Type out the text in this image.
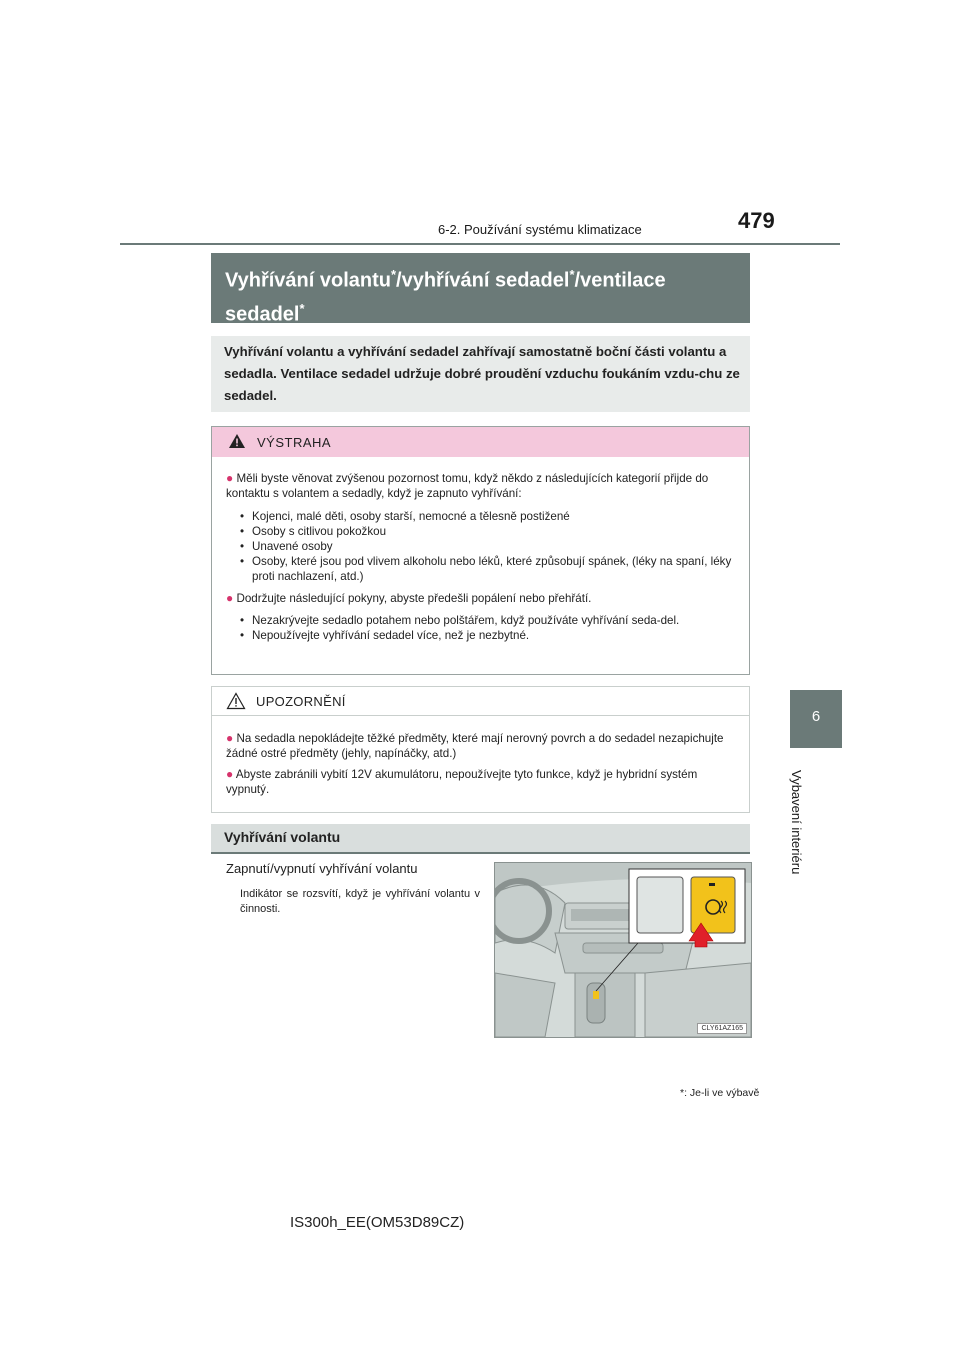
6-2. Používání systému klimatizace	479
6
Vybavení interiéru
Vyhřívání volantu*/vyhřívání sedadel*/ventilace
sedadel*
Vyhřívání volantu a vyhřívání sedadel zahřívají samostatně boční části volantu a sedadla. Ventilace sedadel udržuje dobré proudění vzduchu foukáním vzdu-chu ze sedadel.
VÝSTRAHA
● Měli byste věnovat zvýšenou pozornost tomu, když někdo z následujících kategorií přijde do kontaktu s volantem a sedadly, když je zapnuto vyhřívání:
• Kojenci, malé děti, osoby starší, nemocné a tělesně postižené
• Osoby s citlivou pokožkou
• Unavené osoby
• Osoby, které jsou pod vlivem alkoholu nebo léků, které způsobují spánek, (léky na spaní, léky proti nachlazení, atd.)
● Dodržujte následující pokyny, abyste předešli popálení nebo přehřátí.
• Nezakrývejte sedadlo potahem nebo polštářem, když používáte vyhřívání seda-del.
• Nepoužívejte vyhřívání sedadel více, než je nezbytné.
UPOZORNĚNÍ
● Na sedadla nepokládejte těžké předměty, které mají nerovný povrch a do sedadel nezapichujte žádné ostré předměty (jehly, napínáčky, atd.)
● Abyste zabránili vybití 12V akumulátoru, nepoužívejte tyto funkce, když je hybridní systém vypnutý.
Vyhřívání volantu
Zapnutí/vypnutí vyhřívání volantu
Indikátor se rozsvítí, když je vyhřívání volantu v činnosti.
CLY61AZ165
*: Je-li ve výbavě
IS300h_EE(OM53D89CZ)
